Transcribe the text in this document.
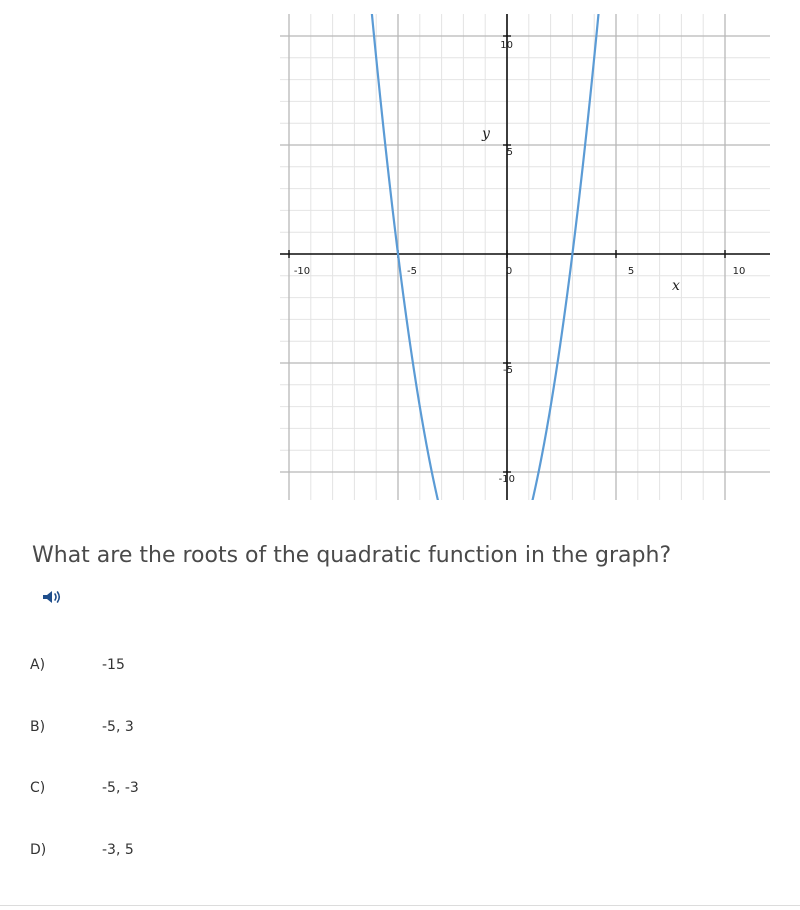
-10	-5	0	5	10
10
5
-5
-10
y
x
What are the roots of the quadratic function in the graph?
A)	-15
B)	-5, 3
C)	-5, -3
D)	-3, 5
